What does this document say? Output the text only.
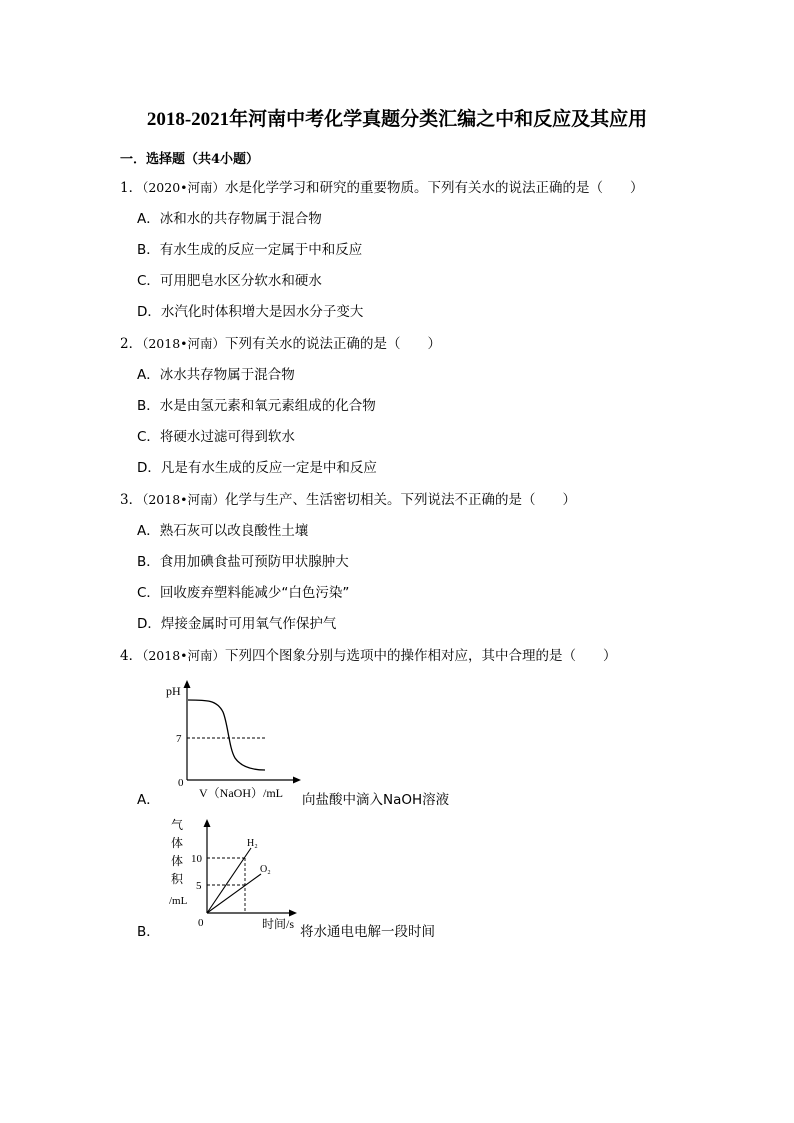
2018-2021年河南中考化学真题分类汇编之中和反应及其应用
一．选择题（共4小题）
1．（2020•河南）水是化学学习和研究的重要物质。下列有关水的说法正确的是（　　）
A．冰和水的共存物属于混合物
B．有水生成的反应一定属于中和反应
C．可用肥皂水区分软水和硬水
D．水汽化时体积增大是因水分子变大
2．（2018•河南）下列有关水的说法正确的是（　　）
A．冰水共存物属于混合物
B．水是由氢元素和氧元素组成的化合物
C．将硬水过滤可得到软水
D．凡是有水生成的反应一定是中和反应
3．（2018•河南）化学与生产、生活密切相关。下列说法不正确的是（　　）
A．熟石灰可以改良酸性土壤
B．食用加碘食盐可预防甲状腺肿大
C．回收废弃塑料能减少“白色污染”
D．焊接金属时可用氧气作保护气
4．（2018•河南）下列四个图象分别与选项中的操作相对应，其中合理的是（　　）
A．
pH
7
0
V（NaOH）/mL 向盐酸中滴入NaOH溶液
B．
气
体
体
积
/mL
10
5
0
H₂
O₂
时间/s 将水通电电解一段时间
